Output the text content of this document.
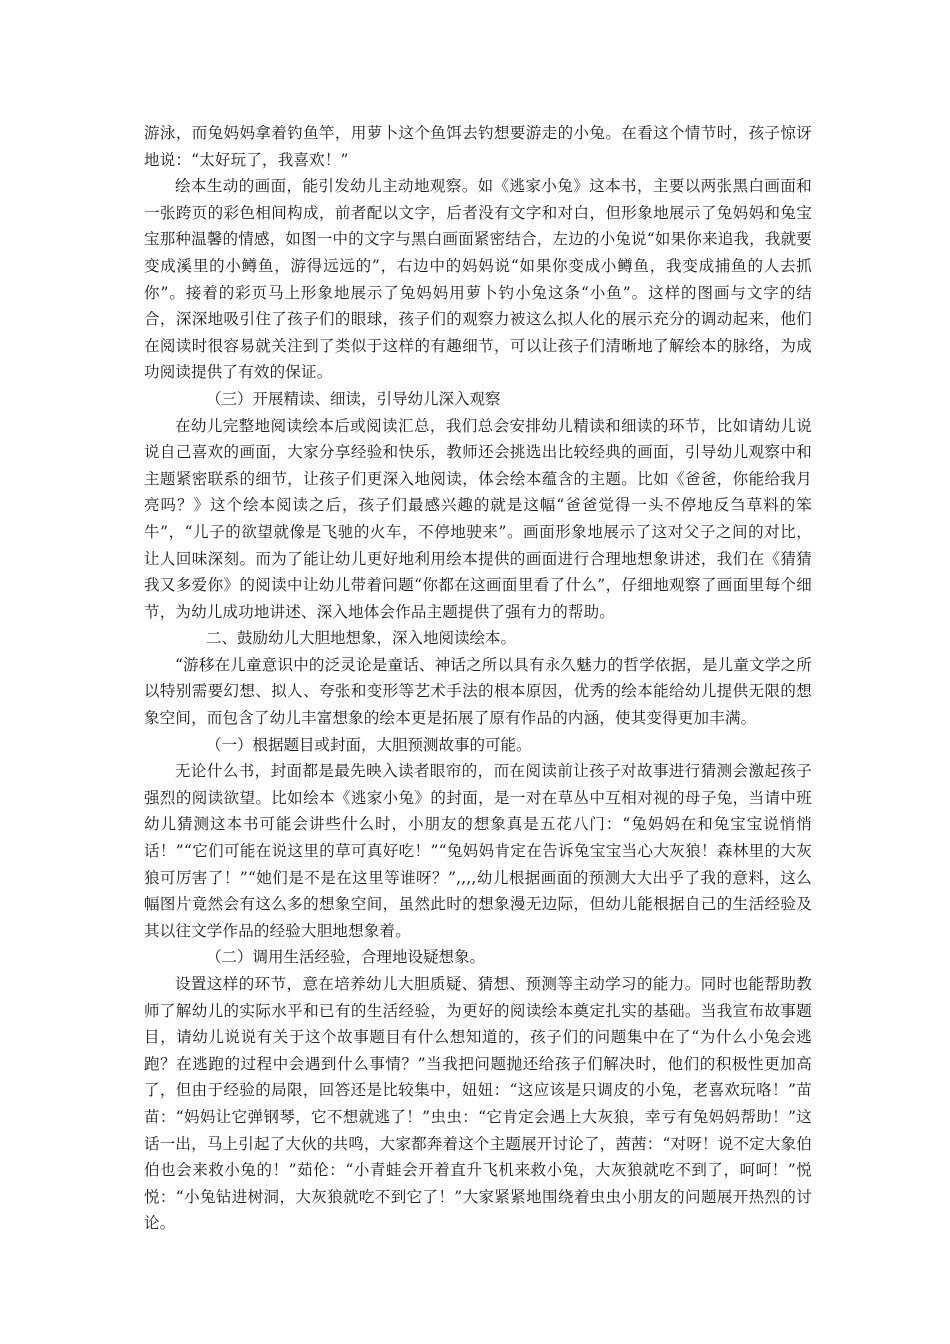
游泳，而兔妈妈拿着钓鱼竿，用萝卜这个鱼饵去钓想要游走的小兔。在看这个情节时，孩子惊讶地说：“太好玩了，我喜欢！”

绘本生动的画面，能引发幼儿主动地观察。如《逃家小兔》这本书，主要以两张黑白画面和一张跨页的彩色相间构成，前者配以文字，后者没有文字和对白，但形象地展示了兔妈妈和兔宝宝那种温馨的情感，如图一中的文字与黑白画面紧密结合，左边的小兔说“如果你来追我，我就要变成溪里的小鳟鱼，游得远远的”，右边中的妈妈说“如果你变成小鳟鱼，我变成捕鱼的人去抓你”。接着的彩页马上形象地展示了兔妈妈用萝卜钓小兔这条“小鱼”。这样的图画与文字的结合，深深地吸引住了孩子们的眼球，孩子们的观察力被这么拟人化的展示充分的调动起来，他们在阅读时很容易就关注到了类似于这样的有趣细节，可以让孩子们清晰地了解绘本的脉络，为成功阅读提供了有效的保证。

（三）开展精读、细读，引导幼儿深入观察

在幼儿完整地阅读绘本后或阅读汇总，我们总会安排幼儿精读和细读的环节，比如请幼儿说说自己喜欢的画面，大家分享经验和快乐，教师还会挑选出比较经典的画面，引导幼儿观察中和主题紧密联系的细节，让孩子们更深入地阅读，体会绘本蕴含的主题。比如《爸爸，你能给我月亮吗？》这个绘本阅读之后，孩子们最感兴趣的就是这幅“爸爸觉得一头不停地反刍草料的笨牛”，“儿子的欲望就像是飞驰的火车，不停地驶来”。画面形象地展示了这对父子之间的对比，让人回味深刻。而为了能让幼儿更好地利用绘本提供的画面进行合理地想象讲述，我们在《猜猜我又多爱你》的阅读中让幼儿带着问题“你都在这画面里看了什么”，仔细地观察了画面里每个细节，为幼儿成功地讲述、深入地体会作品主题提供了强有力的帮助。

二、鼓励幼儿大胆地想象，深入地阅读绘本。

“游移在儿童意识中的泛灵论是童话、神话之所以具有永久魅力的哲学依据，是儿童文学之所以特别需要幻想、拟人、夸张和变形等艺术手法的根本原因，优秀的绘本能给幼儿提供无限的想象空间，而包含了幼儿丰富想象的绘本更是拓展了原有作品的内涵，使其变得更加丰满。

（一）根据题目或封面，大胆预测故事的可能。

无论什么书，封面都是最先映入读者眼帘的，而在阅读前让孩子对故事进行猜测会激起孩子强烈的阅读欲望。比如绘本《逃家小兔》的封面，是一对在草丛中互相对视的母子兔，当请中班幼儿猜测这本书可能会讲些什么时，小朋友的想象真是五花八门：“兔妈妈在和兔宝宝说悄悄话！”“它们可能在说这里的草可真好吃！”“兔妈妈肯定在告诉兔宝宝当心大灰狼！森林里的大灰狼可厉害了！”“她们是不是在这里等谁呀？”,,,,幼儿根据画面的预测大大出乎了我的意料，这么幅图片竟然会有这么多的想象空间，虽然此时的想象漫无边际，但幼儿能根据自己的生活经验及其以往文学作品的经验大胆地想象着。

（二）调用生活经验，合理地设疑想象。

设置这样的环节，意在培养幼儿大胆质疑、猜想、预测等主动学习的能力。同时也能帮助教师了解幼儿的实际水平和已有的生活经验，为更好的阅读绘本奠定扎实的基础。当我宣布故事题目，请幼儿说说有关于这个故事题目有什么想知道的，孩子们的问题集中在了“为什么小兔会逃跑？在逃跑的过程中会遇到什么事情？”当我把问题抛还给孩子们解决时，他们的积极性更加高了，但由于经验的局限，回答还是比较集中，妞妞：“这应该是只调皮的小兔，老喜欢玩咯！”苗苗：“妈妈让它弹钢琴，它不想就逃了！”虫虫：“它肯定会遇上大灰狼，幸亏有兔妈妈帮助！”这话一出，马上引起了大伙的共鸣，大家都奔着这个主题展开讨论了，茜茜：“对呀！说不定大象伯伯也会来救小兔的！”茹伦：“小青蛙会开着直升飞机来救小兔，大灰狼就吃不到了，呵呵！”悦悦：“小兔钻进树洞，大灰狼就吃不到它了！”大家紧紧地围绕着虫虫小朋友的问题展开热烈的讨论。
